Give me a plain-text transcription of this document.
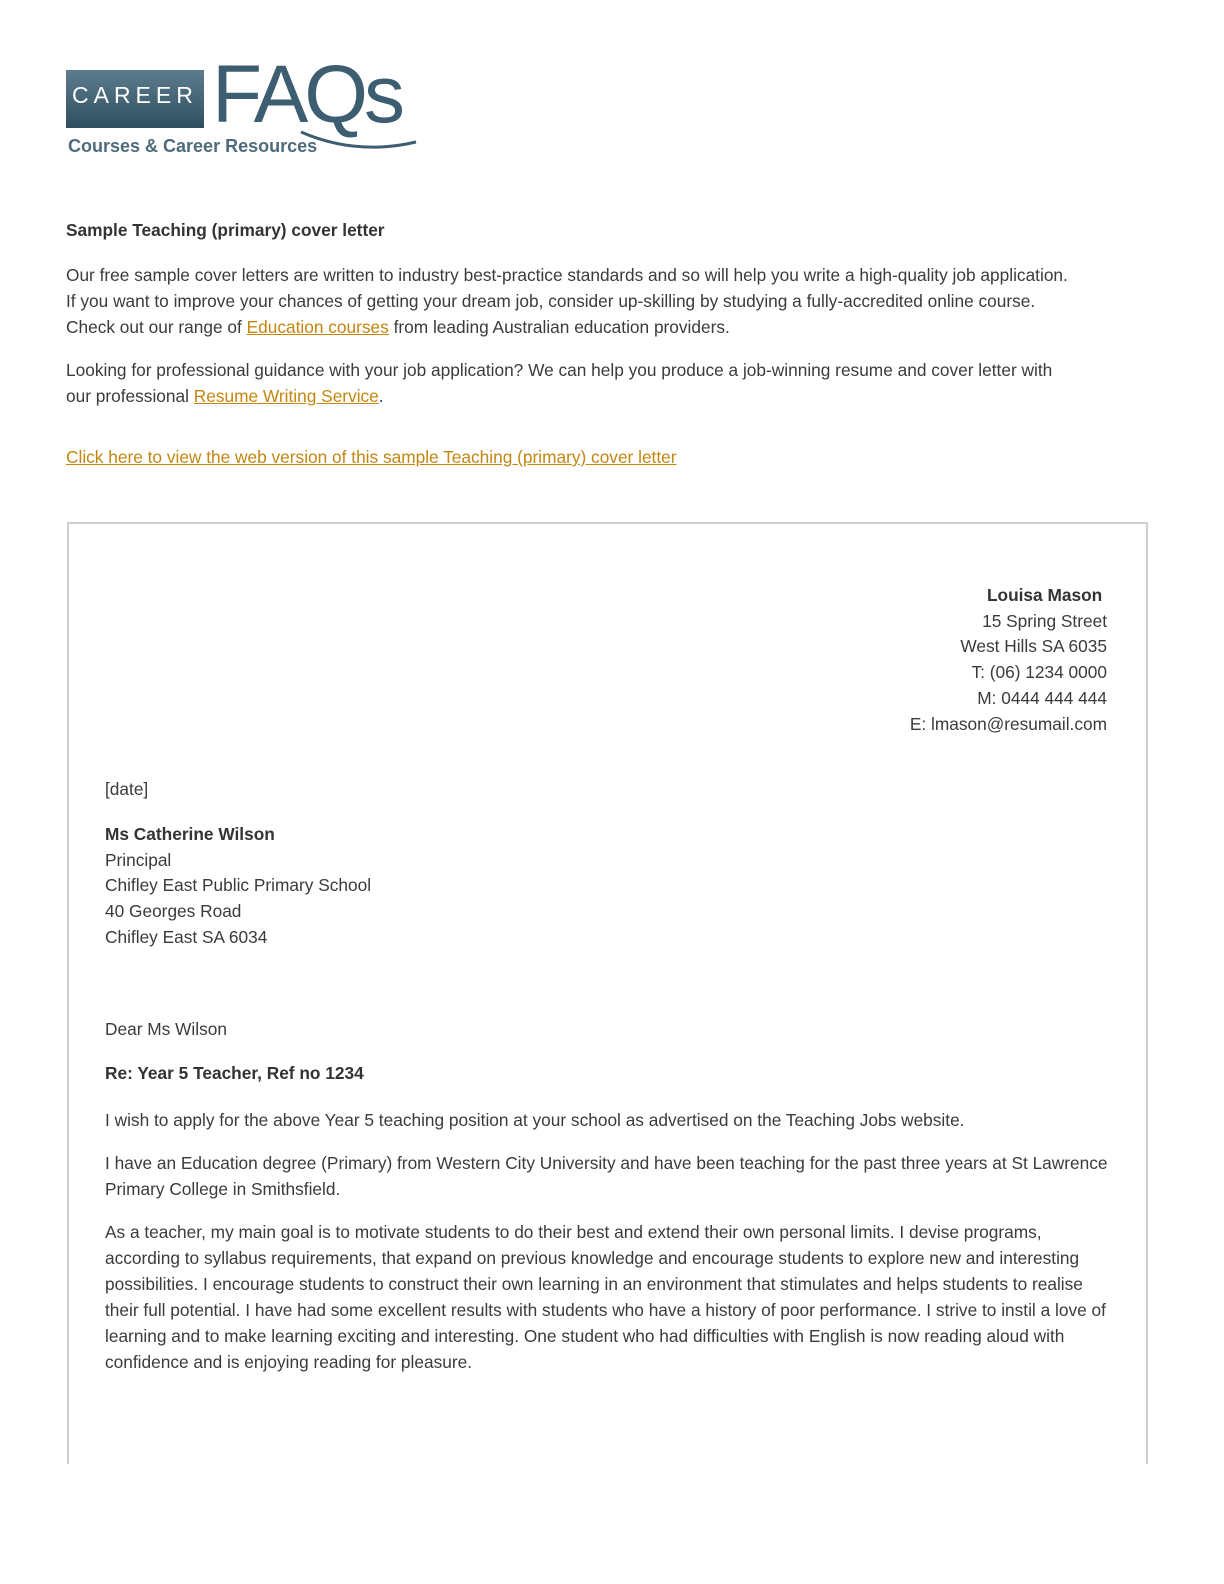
CAREER FAQs
Courses & Career Resources
Sample Teaching (primary) cover letter

Our free sample cover letters are written to industry best-practice standards and so will help you write a high-quality job application.

If you want to improve your chances of getting your dream job, consider up-skilling by studying a fully-accredited online course.

Check out our range of Education courses from leading Australian education providers.

Looking for professional guidance with your job application? We can help you produce a job-winning resume and cover letter with

our professional Resume Writing Service.

Click here to view the web version of this sample Teaching (primary) cover letter

Louisa Mason
15 Spring Street
West Hills SA 6035
T: (06) 1234 0000
M: 0444 444 444
E: lmason@resumail.com
[date]
Ms Catherine Wilson
Principal
Chifley East Public Primary School
40 Georges Road
Chifley East SA 6034
Dear Ms Wilson
Re: Year 5 Teacher, Ref no 1234

I wish to apply for the above Year 5 teaching position at your school as advertised on the Teaching Jobs website.

I have an Education degree (Primary) from Western City University and have been teaching for the past three years at St Lawrence Primary College in Smithsfield.

As a teacher, my main goal is to motivate students to do their best and extend their own personal limits. I devise programs, according to syllabus requirements, that expand on previous knowledge and encourage students to explore new and interesting possibilities. I encourage students to construct their own learning in an environment that stimulates and helps students to realise their full potential. I have had some excellent results with students who have a history of poor performance. I strive to instil a love of learning and to make learning exciting and interesting. One student who had difficulties with English is now reading aloud with confidence and is enjoying reading for pleasure.
